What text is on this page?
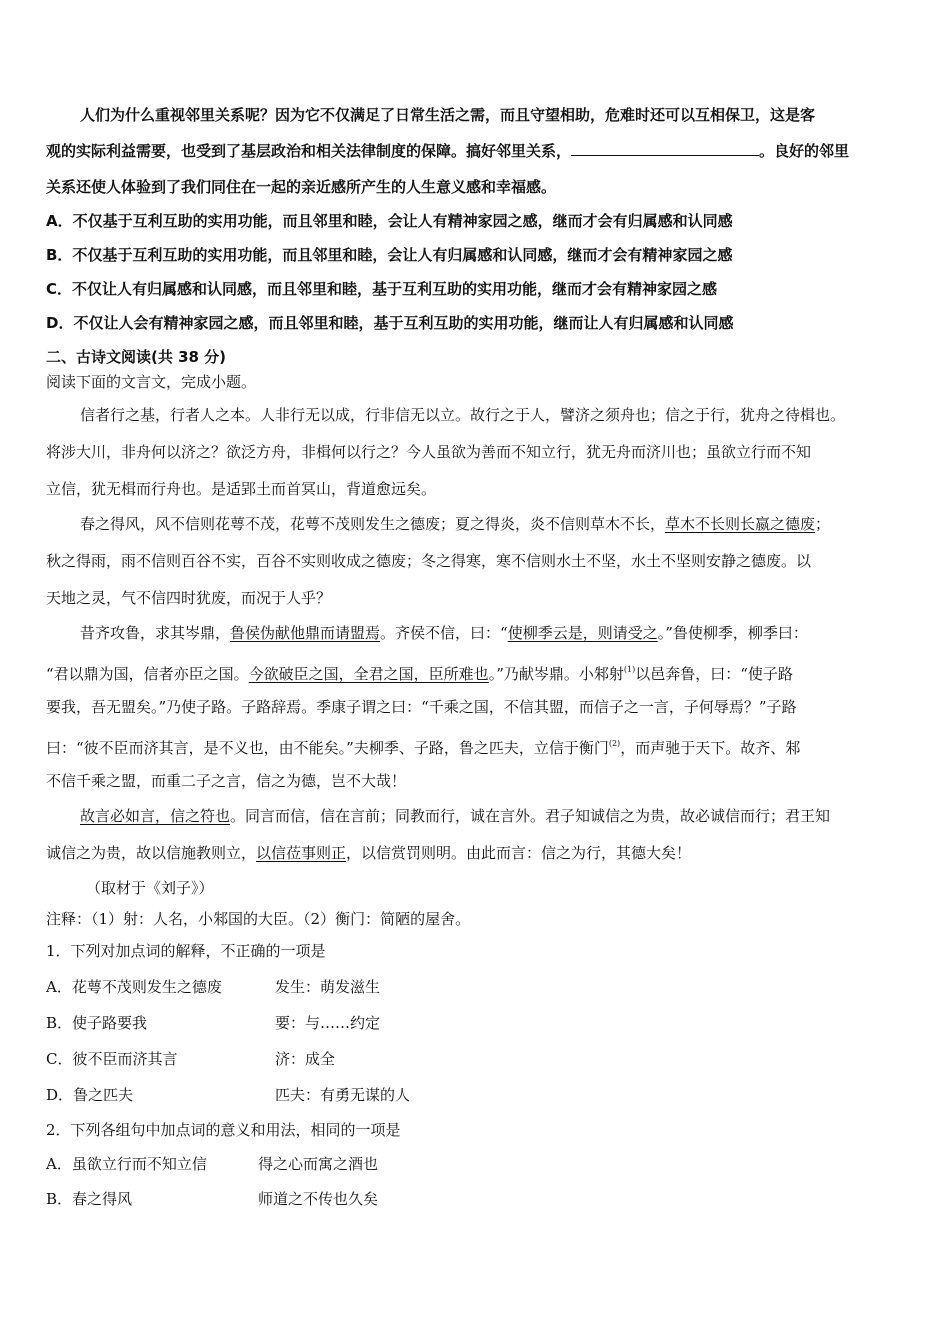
人们为什么重视邻里关系呢？因为它不仅满足了日常生活之需，而且守望相助，危难时还可以互相保卫，这是客
观的实际利益需要，也受到了基层政治和相关法律制度的保障。搞好邻里关系，	。良好的邻里
关系还使人体验到了我们同住在一起的亲近感所产生的人生意义感和幸福感。
A．不仅基于互利互助的实用功能，而且邻里和睦，会让人有精神家园之感，继而才会有归属感和认同感
B．不仅基于互利互助的实用功能，而且邻里和睦，会让人有归属感和认同感，继而才会有精神家园之感
C．不仅让人有归属感和认同感，而且邻里和睦，基于互利互助的实用功能，继而才会有精神家园之感
D．不仅让人会有精神家园之感，而且邻里和睦，基于互利互助的实用功能，继而让人有归属感和认同感
二、古诗文阅读(共 38 分)
阅读下面的文言文，完成小题。
信者行之基，行者人之本。人非行无以成，行非信无以立。故行之于人，譬济之须舟也；信之于行，犹舟之待楫也。
将涉大川，非舟何以济之？欲泛方舟，非楫何以行之？今人虽欲为善而不知立行，犹无舟而济川也；虽欲立行而不知
立信，犹无楫而行舟也。是适郢土而首冥山，背道愈远矣。
春之得风，风不信则花萼不茂，花萼不茂则发生之德废；夏之得炎，炎不信则草木不长，草木不长则长嬴之德废；
秋之得雨，雨不信则百谷不实，百谷不实则收成之德废；冬之得寒，寒不信则水土不坚，水土不坚则安静之德废。以
天地之灵，气不信四时犹废，而况于人乎？
昔齐攻鲁，求其岑鼎，鲁侯伪献他鼎而请盟焉。齐侯不信，曰：“使柳季云是，则请受之。”鲁使柳季，柳季曰：
“君以鼎为国，信者亦臣之国。今欲破臣之国，全君之国，臣所难也。”乃献岑鼎。小邾射$^{(1)}$以邑奔鲁，曰：“使子路
要我，吾无盟矣。”乃使子路。子路辞焉。季康子谓之曰：“千乘之国，不信其盟，而信子之一言，子何辱焉？”子路
曰：“彼不臣而济其言，是不义也，由不能矣。”夫柳季、子路，鲁之匹夫，立信于衡门$^{(2)}$，而声驰于天下。故齐、邾
不信千乘之盟，而重二子之言，信之为德，岂不大哉！
故言必如言，信之符也。同言而信，信在言前；同教而行，诚在言外。君子知诚信之为贵，故必诚信而行；君王知
诚信之为贵，故以信施教则立，以信莅事则正，以信赏罚则明。由此而言：信之为行，其德大矣！
（取材于《刘子》）
注释：（1）射：人名，小邾国的大臣。（2）衡门：简陋的屋舍。
1．下列对加点词的解释，不正确的一项是
A．花萼不茂则发生之德废	发生：萌发滋生
B．使子路要我	要：与……约定
C．彼不臣而济其言	济：成全
D．鲁之匹夫	匹夫：有勇无谋的人
2．下列各组句中加点词的意义和用法，相同的一项是
A．虽欲立行而不知立信	得之心而寓之酒也
B．春之得风	师道之不传也久矣
